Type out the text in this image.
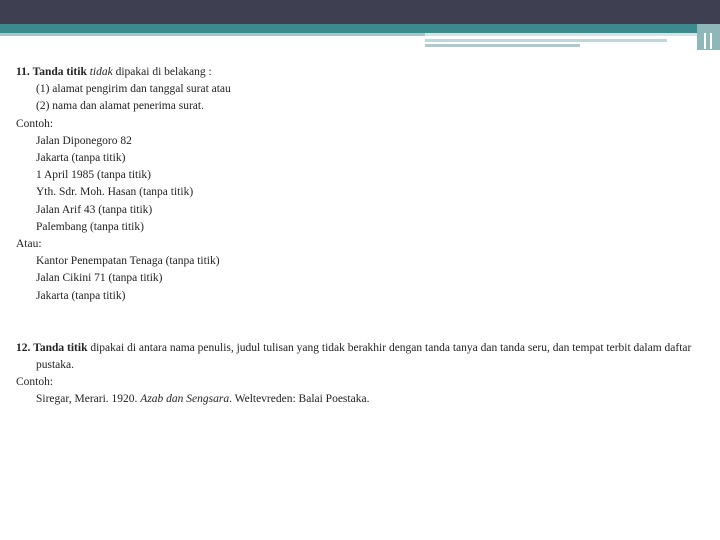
11. Tanda titik tidak dipakai di belakang :
(1) alamat pengirim dan tanggal surat atau
(2) nama dan alamat penerima surat.
Contoh:
Jalan Diponegoro 82
Jakarta (tanpa titik)
1 April 1985 (tanpa titik)
Yth. Sdr. Moh. Hasan (tanpa titik)
Jalan Arif 43 (tanpa titik)
Palembang (tanpa titik)
Atau:
Kantor Penempatan Tenaga (tanpa titik)
Jalan Cikini 71 (tanpa titik)
Jakarta (tanpa titik)
12. Tanda titik dipakai di antara nama penulis, judul tulisan yang tidak berakhir dengan tanda tanya dan tanda seru, dan tempat terbit dalam daftar pustaka.
Contoh:
Siregar, Merari. 1920. Azab dan Sengsara. Weltevreden: Balai Poestaka.
